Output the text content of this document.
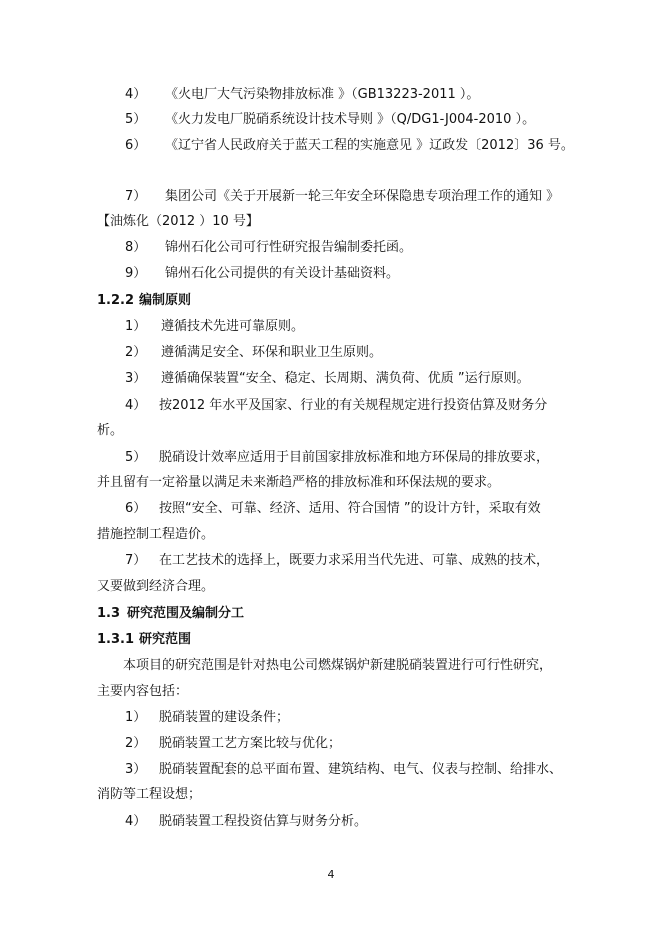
4） 《火电厂大气污染物排放标准 》（GB13223-2011 ）。
5） 《火力发电厂脱硝系统设计技术导则 》（Q/DG1-J004-2010 ）。
6） 《辽宁省人民政府关于蓝天工程的实施意见 》辽政发〔2012〕36 号。
7） 集团公司《关于开展新一轮三年安全环保隐患专项治理工作的通知 》
【油炼化（2012 ）10 号】
8） 锦州石化公司可行性研究报告编制委托函。
9） 锦州石化公司提供的有关设计基础资料。
1.2.2 编制原则
1） 遵循技术先进可靠原则。
2） 遵循满足安全、环保和职业卫生原则。
3） 遵循确保装置“安全、稳定、长周期、满负荷、优质 ”运行原则。
4） 按2012 年水平及国家、行业的有关规程规定进行投资估算及财务分
析。
5） 脱硝设计效率应适用于目前国家排放标准和地方环保局的排放要求，
并且留有一定裕量以满足未来渐趋严格的排放标准和环保法规的要求。
6） 按照“安全、可靠、经济、适用、符合国情 ”的设计方针，采取有效
措施控制工程造价。
7） 在工艺技术的选择上，既要力求采用当代先进、可靠、成熟的技术，
又要做到经济合理。
1.3 研究范围及编制分工
1.3.1 研究范围
本项目的研究范围是针对热电公司燃煤锅炉新建脱硝装置进行可行性研究，
主要内容包括：
1） 脱硝装置的建设条件；
2） 脱硝装置工艺方案比较与优化；
3） 脱硝装置配套的总平面布置、建筑结构、电气、仪表与控制、给排水、
消防等工程设想；
4） 脱硝装置工程投资估算与财务分析。
4
